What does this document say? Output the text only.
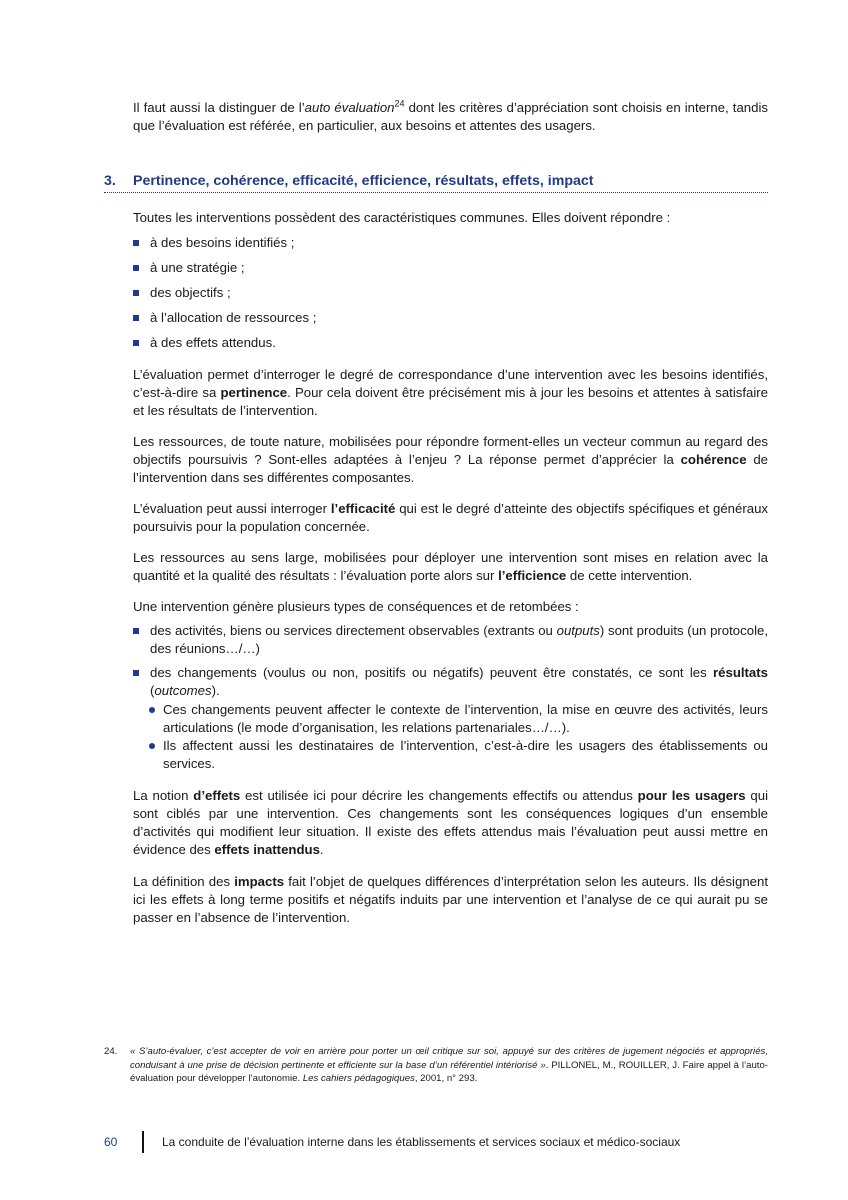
Il faut aussi la distinguer de l’auto évaluation$^{24}$ dont les critères d’appréciation sont choisis en interne, tandis que l’évaluation est référée, en particulier, aux besoins et attentes des usagers.

3. Pertinence, cohérence, efficacité, efficience, résultats, effets, impact

Toutes les interventions possèdent des caractéristiques communes. Elles doivent répondre :

à des besoins identifiés ;
à une stratégie ;
des objectifs ;
à l’allocation de ressources ;
à des effets attendus.

L’évaluation permet d’interroger le degré de correspondance d’une intervention avec les besoins identifiés, c’est-à-dire sa pertinence. Pour cela doivent être précisément mis à jour les besoins et attentes à satisfaire et les résultats de l’intervention.

Les ressources, de toute nature, mobilisées pour répondre forment-elles un vecteur commun au regard des objectifs poursuivis ? Sont-elles adaptées à l’enjeu ? La réponse permet d’apprécier la cohérence de l’intervention dans ses différentes composantes.

L’évaluation peut aussi interroger l’efficacité qui est le degré d’atteinte des objectifs spécifiques et généraux poursuivis pour la population concernée.

Les ressources au sens large, mobilisées pour déployer une intervention sont mises en relation avec la quantité et la qualité des résultats : l’évaluation porte alors sur l’efficience de cette intervention.

Une intervention génère plusieurs types de conséquences et de retombées :

des activités, biens ou services directement observables (extrants ou outputs) sont produits (un protocole, des réunions…/…)

des changements (voulus ou non, positifs ou négatifs) peuvent être constatés, ce sont les résultats (outcomes).

Ces changements peuvent affecter le contexte de l’intervention, la mise en œuvre des activités, leurs articulations (le mode d’organisation, les relations partenariales…/…).

Ils affectent aussi les destinataires de l’intervention, c’est-à-dire les usagers des établissements ou services.

La notion d’effets est utilisée ici pour décrire les changements effectifs ou attendus pour les usagers qui sont ciblés par une intervention. Ces changements sont les conséquences logiques d’un ensemble d’activités qui modifient leur situation. Il existe des effets attendus mais l’évaluation peut aussi mettre en évidence des effets inattendus.

La définition des impacts fait l’objet de quelques différences d’interprétation selon les auteurs. Ils désignent ici les effets à long terme positifs et négatifs induits par une intervention et l’analyse de ce qui aurait pu se passer en l’absence de l’intervention.

24. « S’auto-évaluer, c’est accepter de voir en arrière pour porter un œil critique sur soi, appuyé sur des critères de jugement négociés et appropriés, conduisant à une prise de décision pertinente et efficiente sur la base d’un référentiel intériorisé ». PILLONEL, M., ROUILLER, J. Faire appel à l’auto-évaluation pour développer l’autonomie. Les cahiers pédagogiques, 2001, n° 293.

60	La conduite de l’évaluation interne dans les établissements et services sociaux et médico-sociaux
